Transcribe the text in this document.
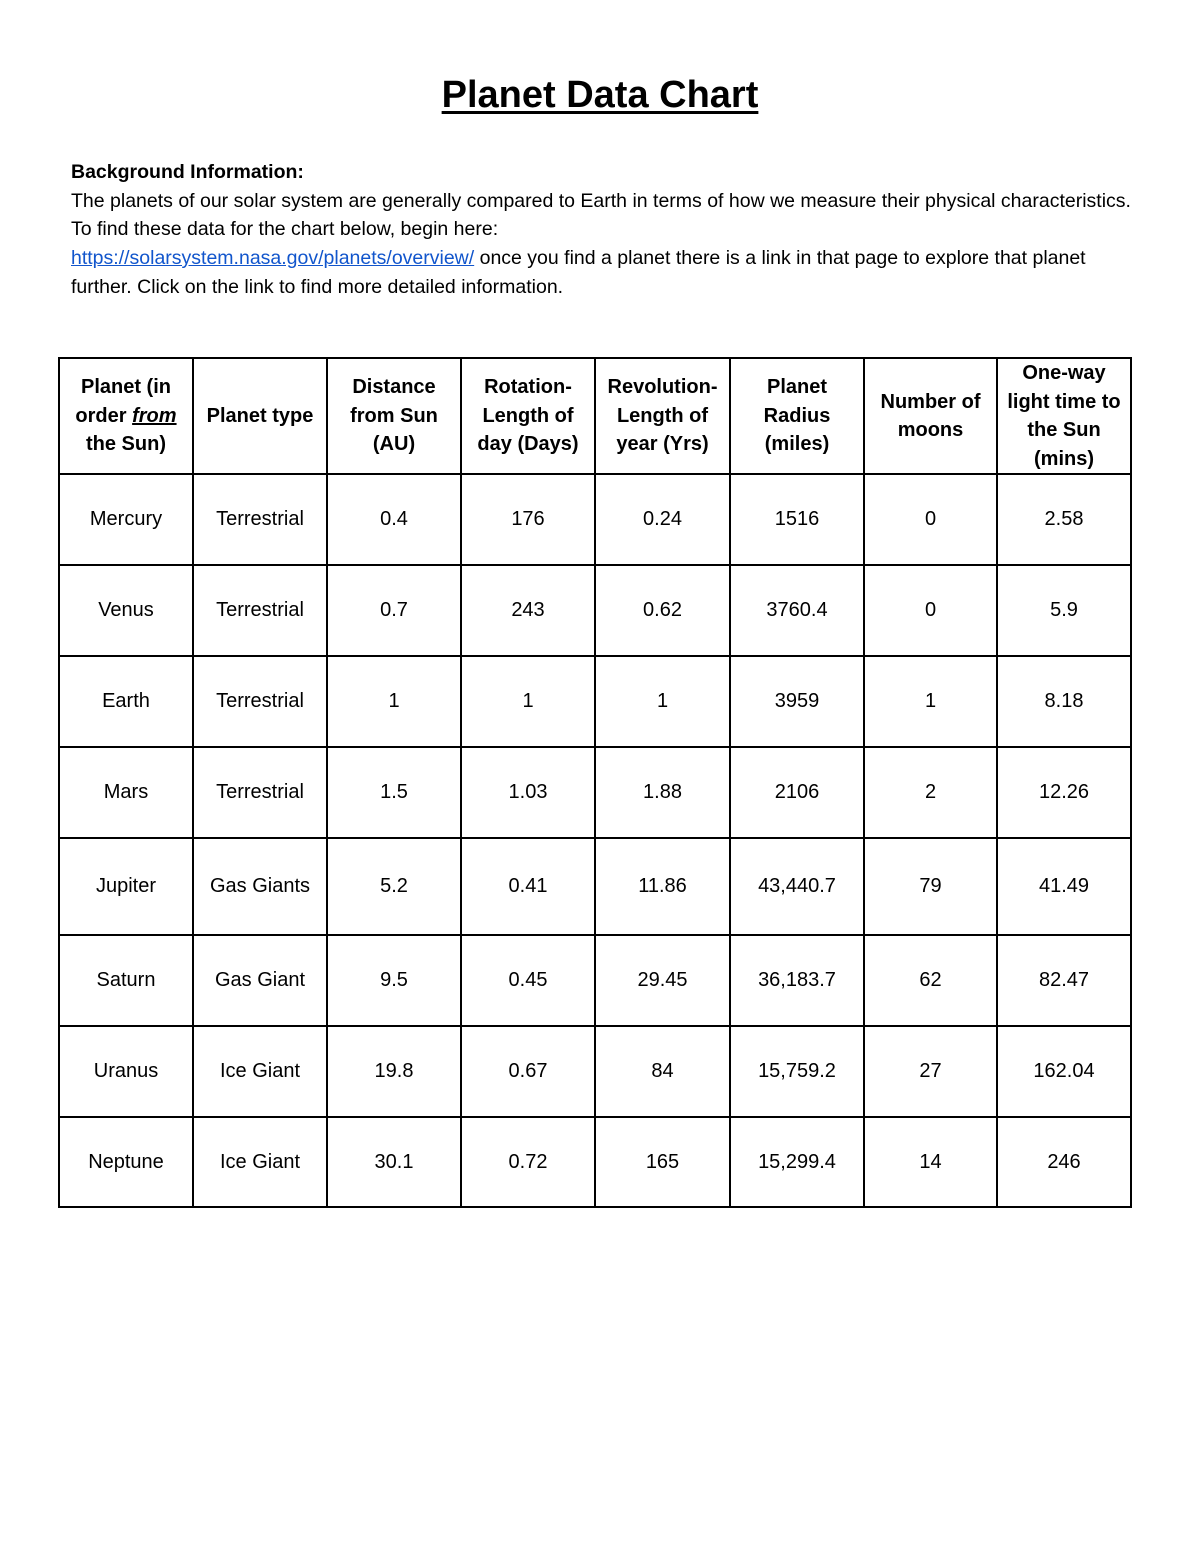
Planet Data Chart
Background Information:
The planets of our solar system are generally compared to Earth in terms of how we measure their physical characteristics. To find these data for the chart below, begin here:
https://solarsystem.nasa.gov/planets/overview/ once you find a planet there is a link in that page to explore that planet further. Click on the link to find more detailed information.
Planet (in order from the Sun)	Planet type	Distance from Sun (AU)	Rotation- Length of day (Days)	Revolution- Length of year (Yrs)	Planet Radius (miles)	Number of moons	One-way light time to the Sun (mins)
Mercury	Terrestrial	0.4	176	0.24	1516	0	2.58
Venus	Terrestrial	0.7	243	0.62	3760.4	0	5.9
Earth	Terrestrial	1	1	1	3959	1	8.18
Mars	Terrestrial	1.5	1.03	1.88	2106	2	12.26
Jupiter	Gas Giants	5.2	0.41	11.86	43,440.7	79	41.49
Saturn	Gas Giant	9.5	0.45	29.45	36,183.7	62	82.47
Uranus	Ice Giant	19.8	0.67	84	15,759.2	27	162.04
Neptune	Ice Giant	30.1	0.72	165	15,299.4	14	246
